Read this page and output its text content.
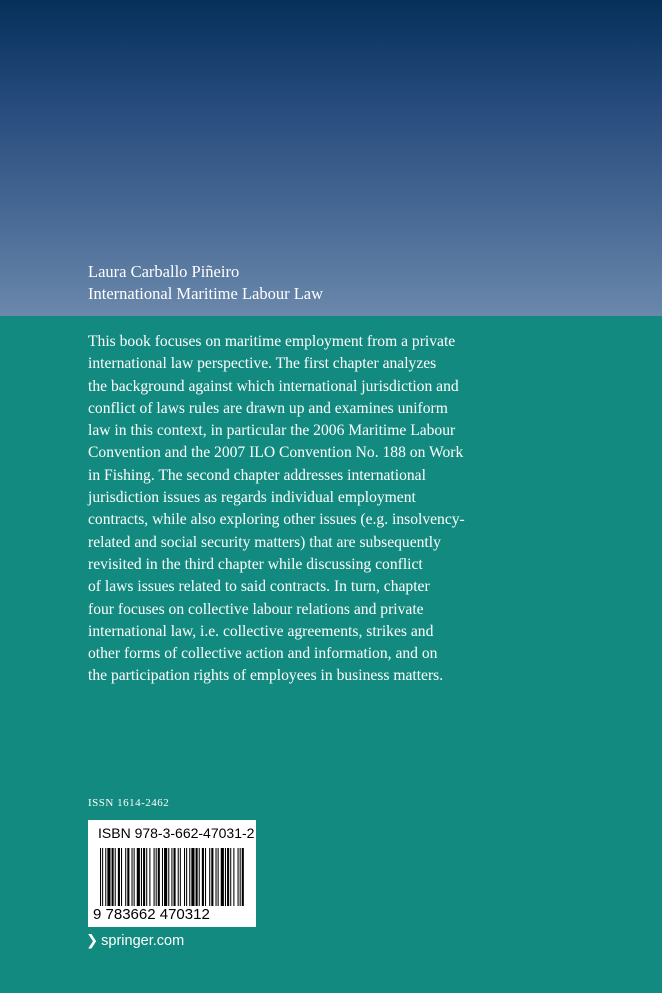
Laura Carballo Piñeiro
International Maritime Labour Law
This book focuses on maritime employment from a private
international law perspective. The first chapter analyzes
the background against which international jurisdiction and
conflict of laws rules are drawn up and examines uniform
law in this context, in particular the 2006 Maritime Labour
Convention and the 2007 ILO Convention No. 188 on Work
in Fishing. The second chapter addresses international
jurisdiction issues as regards individual employment
contracts, while also exploring other issues (e.g. insolvency-
related and social security matters) that are subsequently
revisited in the third chapter while discussing conflict
of laws issues related to said contracts. In turn, chapter
four focuses on collective labour relations and private
international law, i.e. collective agreements, strikes and
other forms of collective action and information, and on
the participation rights of employees in business matters.
ISSN 1614-2462
ISBN 978-3-662-47031-2
9 783662 470312
❯ springer.com
